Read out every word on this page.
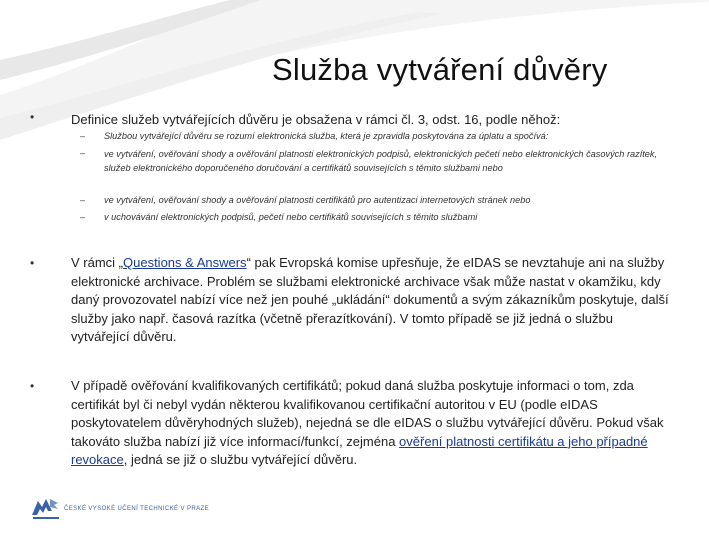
Služba vytváření důvěry
•	Definice služeb vytvářejících důvěru je obsažena v rámci čl. 3, odst. 16, podle něhož:
– Službou vytvářející důvěru se rozumí elektronická služba, která je zpravidla poskytována za úplatu a spočívá:
– ve vytváření, ověřování shody a ověřování platnosti elektronických podpisů, elektronických pečetí nebo elektronických časových razítek, služeb elektronického doporučeného doručování a certifikátů souvisejících s těmito službami nebo
– ve vytváření, ověřování shody a ověřování platnosti certifikátů pro autentizaci internetových stránek nebo
– v uchovávání elektronických podpisů, pečetí nebo certifikátů souvisejících s těmito službami
•	V rámci „Questions & Answers“ pak Evropská komise upřesňuje, že eIDAS se nevztahuje ani na služby elektronické archivace. Problém se službami elektronické archivace však může nastat v okamžiku, kdy daný provozovatel nabízí více než jen pouhé „ukládání“ dokumentů a svým zákazníkům poskytuje, další služby jako např. časová razítka (včetně přerazítkování). V tomto případě se již jedná o službu vytvářející důvěru.
•	V případě ověřování kvalifikovaných certifikátů; pokud daná služba poskytuje informaci o tom, zda certifikát byl či nebyl vydán některou kvalifikovanou certifikační autoritou v EU (podle eIDAS poskytovatelem důvěryhodných služeb), nejedná se dle eIDAS o službu vytvářející důvěru. Pokud však takováto služba nabízí již více informací/funkcí, zejména ověření platnosti certifikátu a jeho případné revokace, jedná se již o službu vytvářející důvěru.
ČESKÉ VYSOKÉ UČENÍ TECHNICKÉ V PRAZE
